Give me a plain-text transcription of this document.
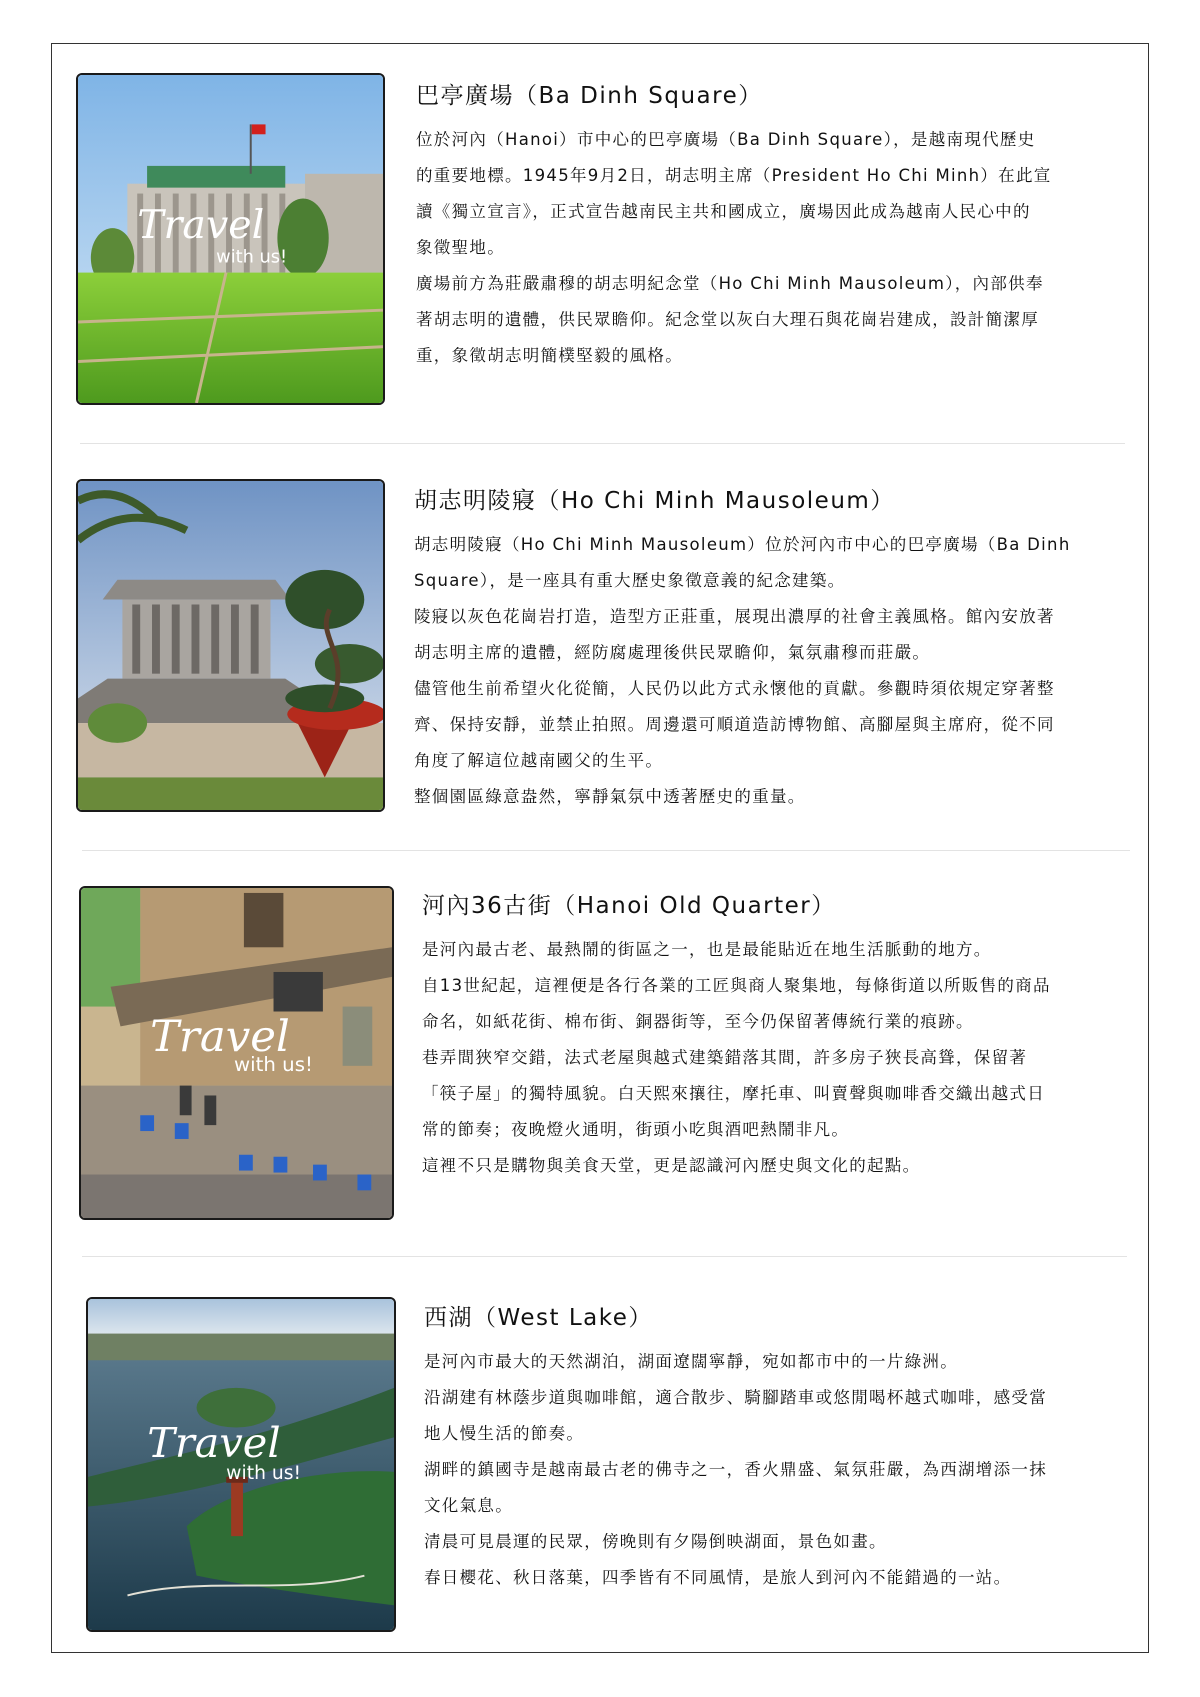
Travel
with us!
巴亭廣場（Ba Dinh Square）

位於河內（Hanoi）市中心的巴亭廣場（Ba Dinh Square），是越南現代歷史

的重要地標。1945年9月2日，胡志明主席（President Ho Chi Minh）在此宣

讀《獨立宣言》，正式宣告越南民主共和國成立，廣場因此成為越南人民心中的

象徵聖地。

廣場前方為莊嚴肅穆的胡志明紀念堂（Ho Chi Minh Mausoleum），內部供奉

著胡志明的遺體，供民眾瞻仰。紀念堂以灰白大理石與花崗岩建成，設計簡潔厚

重，象徵胡志明簡樸堅毅的風格。

胡志明陵寢（Ho Chi Minh Mausoleum）

胡志明陵寢（Ho Chi Minh Mausoleum）位於河內市中心的巴亭廣場（Ba Dinh

Square），是一座具有重大歷史象徵意義的紀念建築。

陵寢以灰色花崗岩打造，造型方正莊重，展現出濃厚的社會主義風格。館內安放著

胡志明主席的遺體，經防腐處理後供民眾瞻仰，氣氛肅穆而莊嚴。

儘管他生前希望火化從簡，人民仍以此方式永懷他的貢獻。參觀時須依規定穿著整

齊、保持安靜，並禁止拍照。周邊還可順道造訪博物館、高腳屋與主席府，從不同

角度了解這位越南國父的生平。

整個園區綠意盎然，寧靜氣氛中透著歷史的重量。

Travel
with us!
河內36古街（Hanoi Old Quarter）

是河內最古老、最熱鬧的街區之一，也是最能貼近在地生活脈動的地方。

自13世紀起，這裡便是各行各業的工匠與商人聚集地，每條街道以所販售的商品

命名，如紙花街、棉布街、銅器街等，至今仍保留著傳統行業的痕跡。

巷弄間狹窄交錯，法式老屋與越式建築錯落其間，許多房子狹長高聳，保留著

「筷子屋」的獨特風貌。白天熙來攘往，摩托車、叫賣聲與咖啡香交織出越式日

常的節奏；夜晚燈火通明，街頭小吃與酒吧熱鬧非凡。

這裡不只是購物與美食天堂，更是認識河內歷史與文化的起點。

Travel
with us!
西湖（West Lake）

是河內市最大的天然湖泊，湖面遼闊寧靜，宛如都市中的一片綠洲。

沿湖建有林蔭步道與咖啡館，適合散步、騎腳踏車或悠閒喝杯越式咖啡，感受當

地人慢生活的節奏。

湖畔的鎮國寺是越南最古老的佛寺之一，香火鼎盛、氣氛莊嚴，為西湖增添一抹

文化氣息。

清晨可見晨運的民眾，傍晚則有夕陽倒映湖面，景色如畫。

春日櫻花、秋日落葉，四季皆有不同風情，是旅人到河內不能錯過的一站。
